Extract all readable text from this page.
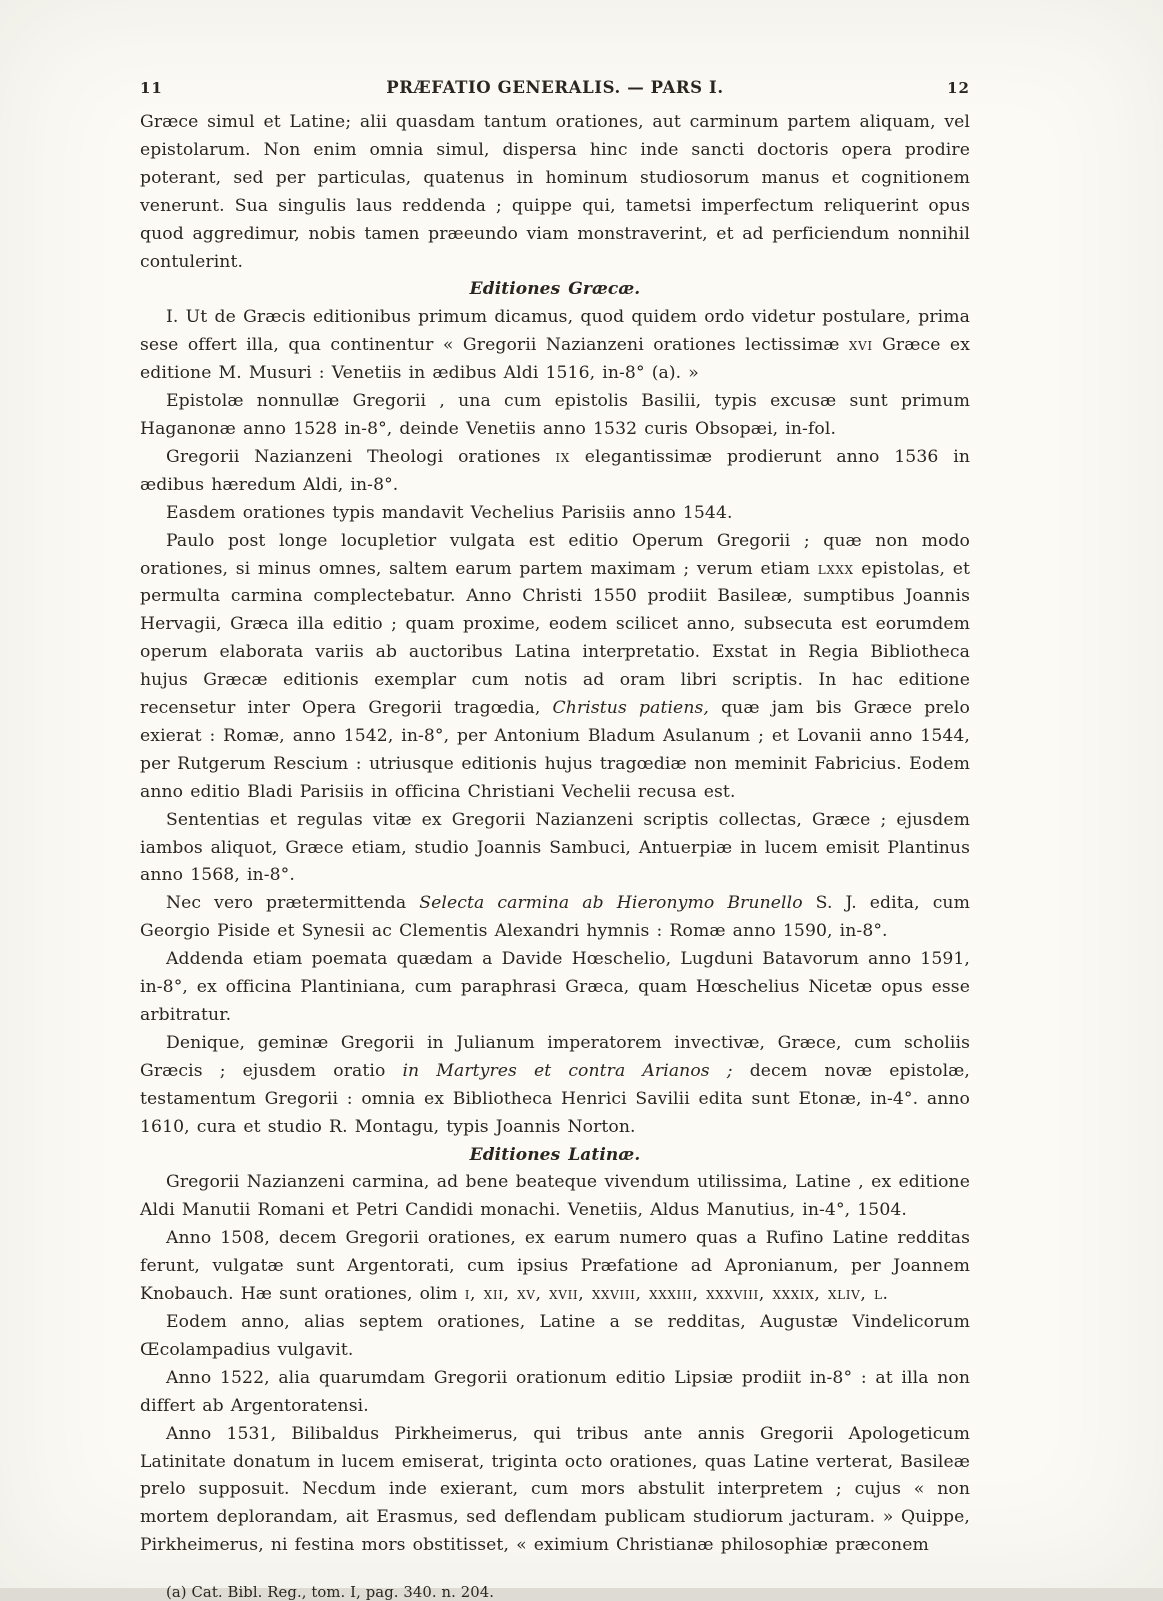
11	PRÆFATIO GENERALIS. — PARS I.	12

Græce simul et Latine; alii quasdam tantum orationes, aut carminum partem aliquam, vel epistolarum. Non enim omnia simul, dispersa hinc inde sancti doctoris opera prodire poterant, sed per particulas, quatenus in hominum studiosorum manus et cognitionem venerunt. Sua singulis laus reddenda ; quippe qui, tametsi imperfectum reliquerint opus quod aggredimur, nobis tamen præeundo viam monstraverint, et ad perficiendum nonnihil contulerint.

Editiones Græcæ.

I. Ut de Græcis editionibus primum dicamus, quod quidem ordo videtur postulare, prima sese offert illa, qua continentur « Gregorii Nazianzeni orationes lectissimæ xvi Græce ex editione M. Musuri : Venetiis in ædibus Aldi 1516, in-8° (a). »

Epistolæ nonnullæ Gregorii , una cum epistolis Basilii, typis excusæ sunt primum Haganonæ anno 1528 in-8°, deinde Venetiis anno 1532 curis Obsopæi, in-fol.

Gregorii Nazianzeni Theologi orationes ix elegantissimæ prodierunt anno 1536 in ædibus hæredum Aldi, in-8°.

Easdem orationes typis mandavit Vechelius Parisiis anno 1544.

Paulo post longe locupletior vulgata est editio Operum Gregorii ; quæ non modo orationes, si minus omnes, saltem earum partem maximam ; verum etiam lxxx epistolas, et permulta carmina complectebatur. Anno Christi 1550 prodiit Basileæ, sumptibus Joannis Hervagii, Græca illa editio ; quam proxime, eodem scilicet anno, subsecuta est eorumdem operum elaborata variis ab auctoribus Latina interpretatio. Exstat in Regia Bibliotheca hujus Græcæ editionis exemplar cum notis ad oram libri scriptis. In hac editione recensetur inter Opera Gregorii tragœdia, Christus patiens, quæ jam bis Græce prelo exierat : Romæ, anno 1542, in-8°, per Antonium Bladum Asulanum ; et Lovanii anno 1544, per Rutgerum Rescium : utriusque editionis hujus tragœdiæ non meminit Fabricius. Eodem anno editio Bladi Parisiis in officina Christiani Vechelii recusa est.

Sententias et regulas vitæ ex Gregorii Nazianzeni scriptis collectas, Græce ; ejusdem iambos aliquot, Græce etiam, studio Joannis Sambuci, Antuerpiæ in lucem emisit Plantinus anno 1568, in-8°.

Nec vero prætermittenda Selecta carmina ab Hieronymo Brunello S. J. edita, cum Georgio Piside et Synesii ac Clementis Alexandri hymnis : Romæ anno 1590, in-8°.

Addenda etiam poemata quædam a Davide Hœschelio, Lugduni Batavorum anno 1591, in-8°, ex officina Plantiniana, cum paraphrasi Græca, quam Hœschelius Nicetæ opus esse arbitratur.

Denique, geminæ Gregorii in Julianum imperatorem invectivæ, Græce, cum scholiis Græcis ; ejusdem oratio in Martyres et contra Arianos ; decem novæ epistolæ, testamentum Gregorii : omnia ex Bibliotheca Henrici Savilii edita sunt Etonæ, in-4°. anno 1610, cura et studio R. Montagu, typis Joannis Norton.

Editiones Latinæ.

Gregorii Nazianzeni carmina, ad bene beateque vivendum utilissima, Latine , ex editione Aldi Manutii Romani et Petri Candidi monachi. Venetiis, Aldus Manutius, in-4°, 1504.

Anno 1508, decem Gregorii orationes, ex earum numero quas a Rufino Latine redditas ferunt, vulgatæ sunt Argentorati, cum ipsius Præfatione ad Apronianum, per Joannem Knobauch. Hæ sunt orationes, olim i, xii, xv, xvii, xxviii, xxxiii, xxxviii, xxxix, xliv, l.

Eodem anno, alias septem orationes, Latine a se redditas, Augustæ Vindelicorum Œcolampadius vulgavit.

Anno 1522, alia quarumdam Gregorii orationum editio Lipsiæ prodiit in-8° : at illa non differt ab Argentoratensi.

Anno 1531, Bilibaldus Pirkheimerus, qui tribus ante annis Gregorii Apologeticum Latinitate donatum in lucem emiserat, triginta octo orationes, quas Latine verterat, Basileæ prelo supposuit. Necdum inde exierant, cum mors abstulit interpretem ; cujus « non mortem deplorandam, ait Erasmus, sed deflendam publicam studiorum jacturam. » Quippe, Pirkheimerus, ni festina mors obstitisset, « eximium Christianæ philosophiæ præconem

(a) Cat. Bibl. Reg., tom. I, pag. 340. n. 204.
